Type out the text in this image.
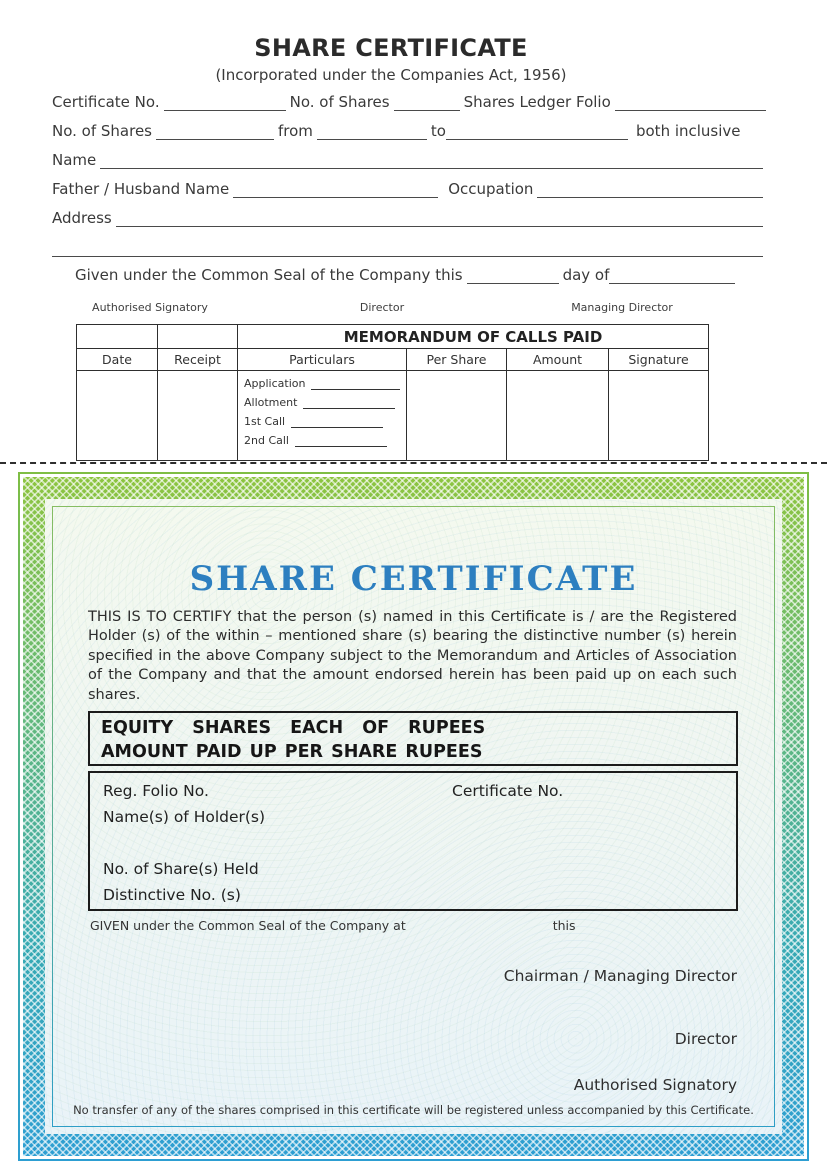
SHARE CERTIFICATE
(Incorporated under the Companies Act, 1956)
Certificate No.	No. of Shares	Shares Ledger Folio
No. of Shares	from	to	both inclusive
Name
Father / Husband Name	Occupation
Address
Given under the Common Seal of the Company this	day of
Authorised Signatory	Director	Managing Director
		MEMORANDUM OF CALLS PAID			
Date	Receipt	Particulars	Per Share	Amount	Signature

		Application
Allotment
1st Call
2nd Call			

SHARE CERTIFICATE
THIS IS TO CERTIFY that the person (s) named in this Certificate is / are the Registered Holder (s) of the within – mentioned share (s) bearing the distinctive number (s) herein specified in the above Company subject to the Memorandum and Articles of Association of the Company and that the amount endorsed herein has been paid up on each such shares.
EQUITY SHARES EACH OF RUPEES
AMOUNT PAID UP PER SHARE RUPEES
Reg. Folio No.	Certificate No.
Name(s) of Holder(s)
No. of Share(s) Held
Distinctive No. (s)
GIVEN under the Common Seal of the Company at	this
Chairman / Managing Director
Director
Authorised Signatory
No transfer of any of the shares comprised in this certificate will be registered unless accompanied by this Certificate.
